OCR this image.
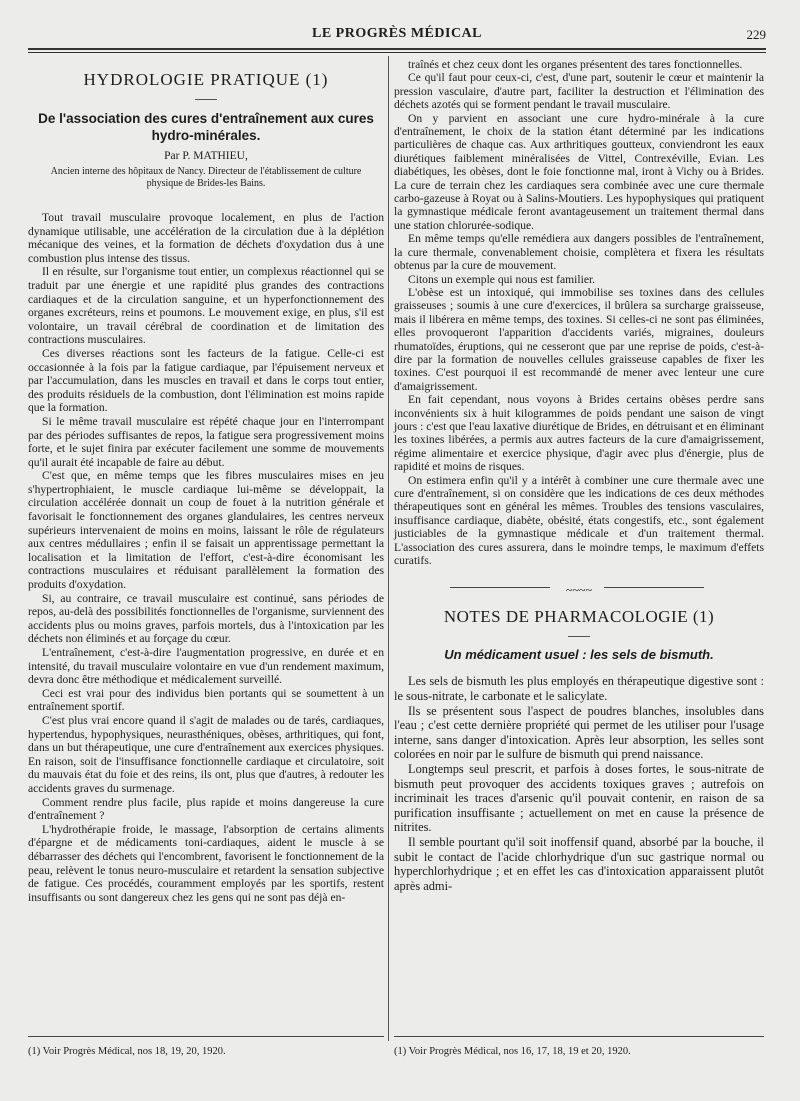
LE PROGRÈS MÉDICAL	229
HYDROLOGIE PRATIQUE (1)
De l'association des cures d'entraînement aux cures hydro-minérales.
Par P. MATHIEU,
Ancien interne des hôpitaux de Nancy. Directeur de l'établissement de culture physique de Brides-les Bains.

Tout travail musculaire provoque localement, en plus de l'action dynamique utilisable, une accélération de la circulation due à la déplétion mécanique des veines, et la formation de déchets d'oxydation dus à une combustion plus intense des tissus.

Il en résulte, sur l'organisme tout entier, un complexus réactionnel qui se traduit par une énergie et une rapidité plus grandes des contractions cardiaques et de la circulation sanguine, et un hyperfonctionnement des organes excréteurs, reins et poumons. Le mouvement exige, en plus, s'il est volontaire, un travail cérébral de coordination et de limitation des contractions musculaires.

Ces diverses réactions sont les facteurs de la fatigue. Celle-ci est occasionnée à la fois par la fatigue cardiaque, par l'épuisement nerveux et par l'accumulation, dans les muscles en travail et dans le corps tout entier, des produits résiduels de la combustion, dont l'élimination est moins rapide que la formation.

Si le même travail musculaire est répété chaque jour en l'interrompant par des périodes suffisantes de repos, la fatigue sera progressivement moins forte, et le sujet finira par exécuter facilement une somme de mouvements qu'il aurait été incapable de faire au début.

C'est que, en même temps que les fibres musculaires mises en jeu s'hypertrophiaient, le muscle cardiaque lui-même se développait, la circulation accélérée donnait un coup de fouet à la nutrition générale et favorisait le fonctionnement des organes glandulaires, les centres nerveux supérieurs intervenaient de moins en moins, laissant le rôle de régulateurs aux centres médullaires ; enfin il se faisait un apprentissage permettant la localisation et la limitation de l'effort, c'est-à-dire économisant les contractions musculaires et réduisant parallèlement la formation des produits d'oxydation.

Si, au contraire, ce travail musculaire est continué, sans périodes de repos, au-delà des possibilités fonctionnelles de l'organisme, surviennent des accidents plus ou moins graves, parfois mortels, dus à l'intoxication par les déchets non éliminés et au forçage du cœur.

L'entraînement, c'est-à-dire l'augmentation progressive, en durée et en intensité, du travail musculaire volontaire en vue d'un rendement maximum, devra donc être méthodique et médicalement surveillé.

Ceci est vrai pour des individus bien portants qui se soumettent à un entraînement sportif.

C'est plus vrai encore quand il s'agit de malades ou de tarés, cardiaques, hypertendus, hypophysiques, neurasthéniques, obèses, arthritiques, qui font, dans un but thérapeutique, une cure d'entraînement aux exercices physiques. En raison, soit de l'insuffisance fonctionnelle cardiaque et circulatoire, soit du mauvais état du foie et des reins, ils ont, plus que d'autres, à redouter les accidents graves du surmenage.

Comment rendre plus facile, plus rapide et moins dangereuse la cure d'entraînement ?

L'hydrothérapie froide, le massage, l'absorption de certains aliments d'épargne et de médicaments toni-cardiaques, aident le muscle à se débarrasser des déchets qui l'encombrent, favorisent le fonctionnement de la peau, relèvent le tonus neuro-musculaire et retardent la sensation subjective de fatigue. Ces procédés, couramment employés par les sportifs, restent insuffisants ou sont dangereux chez les gens qui ne sont pas déjà en-

traînés et chez ceux dont les organes présentent des tares fonctionnelles.

Ce qu'il faut pour ceux-ci, c'est, d'une part, soutenir le cœur et maintenir la pression vasculaire, d'autre part, faciliter la destruction et l'élimination des déchets azotés qui se forment pendant le travail musculaire.

On y parvient en associant une cure hydro-minérale à la cure d'entraînement, le choix de la station étant déterminé par les indications particulières de chaque cas. Aux arthritiques goutteux, conviendront les eaux diurétiques faiblement minéralisées de Vittel, Contrexéville, Evian. Les diabétiques, les obèses, dont le foie fonctionne mal, iront à Vichy ou à Brides. La cure de terrain chez les cardiaques sera combinée avec une cure thermale carbo-gazeuse à Royat ou à Salins-Moutiers. Les hypophysiques qui pratiquent la gymnastique médicale feront avantageusement un traitement thermal dans une station chlorurée-sodique.

En même temps qu'elle remédiera aux dangers possibles de l'entraînement, la cure thermale, convenablement choisie, complètera et fixera les résultats obtenus par la cure de mouvement.

Citons un exemple qui nous est familier.

L'obèse est un intoxiqué, qui immobilise ses toxines dans des cellules graisseuses ; soumis à une cure d'exercices, il brûlera sa surcharge graisseuse, mais il libérera en même temps, des toxines. Si celles-ci ne sont pas éliminées, elles provoqueront l'apparition d'accidents variés, migraines, douleurs rhumatoïdes, éruptions, qui ne cesseront que par une reprise de poids, c'est-à-dire par la formation de nouvelles cellules graisseuse capables de fixer les toxines. C'est pourquoi il est recommandé de mener avec lenteur une cure d'amaigrissement.

En fait cependant, nous voyons à Brides certains obèses perdre sans inconvénients six à huit kilogrammes de poids pendant une saison de vingt jours : c'est que l'eau laxative diurétique de Brides, en détruisant et en éliminant les toxines libérées, a permis aux autres facteurs de la cure d'amaigrissement, régime alimentaire et exercice physique, d'agir avec plus d'énergie, plus de rapidité et moins de risques.

On estimera enfin qu'il y a intérêt à combiner une cure thermale avec une cure d'entraînement, si on considère que les indications de ces deux méthodes thérapeutiques sont en général les mêmes. Troubles des tensions vasculaires, insuffisance cardiaque, diabète, obésité, états congestifs, etc., sont également justiciables de la gymnastique médicale et d'un traitement thermal. L'association des cures assurera, dans le moindre temps, le maximum d'effets curatifs.

~~~~
NOTES DE PHARMACOLOGIE (1)
Un médicament usuel : les sels de bismuth.

Les sels de bismuth les plus employés en thérapeutique digestive sont : le sous-nitrate, le carbonate et le salicylate.

Ils se présentent sous l'aspect de poudres blanches, insolubles dans l'eau ; c'est cette dernière propriété qui permet de les utiliser pour l'usage interne, sans danger d'intoxication. Après leur absorption, les selles sont colorées en noir par le sulfure de bismuth qui prend naissance.

Longtemps seul prescrit, et parfois à doses fortes, le sous-nitrate de bismuth peut provoquer des accidents toxiques graves ; autrefois on incriminait les traces d'arsenic qu'il pouvait contenir, en raison de sa purification insuffisante ; actuellement on met en cause la présence de nitrites.

Il semble pourtant qu'il soit inoffensif quand, absorbé par la bouche, il subit le contact de l'acide chlorhydrique d'un suc gastrique normal ou hyperchlorhydrique ; et en effet les cas d'intoxication apparaissent plutôt après admi-

(1) Voir Progrès Médical, nos 18, 19, 20, 1920.	(1) Voir Progrès Médical, nos 16, 17, 18, 19 et 20, 1920.
